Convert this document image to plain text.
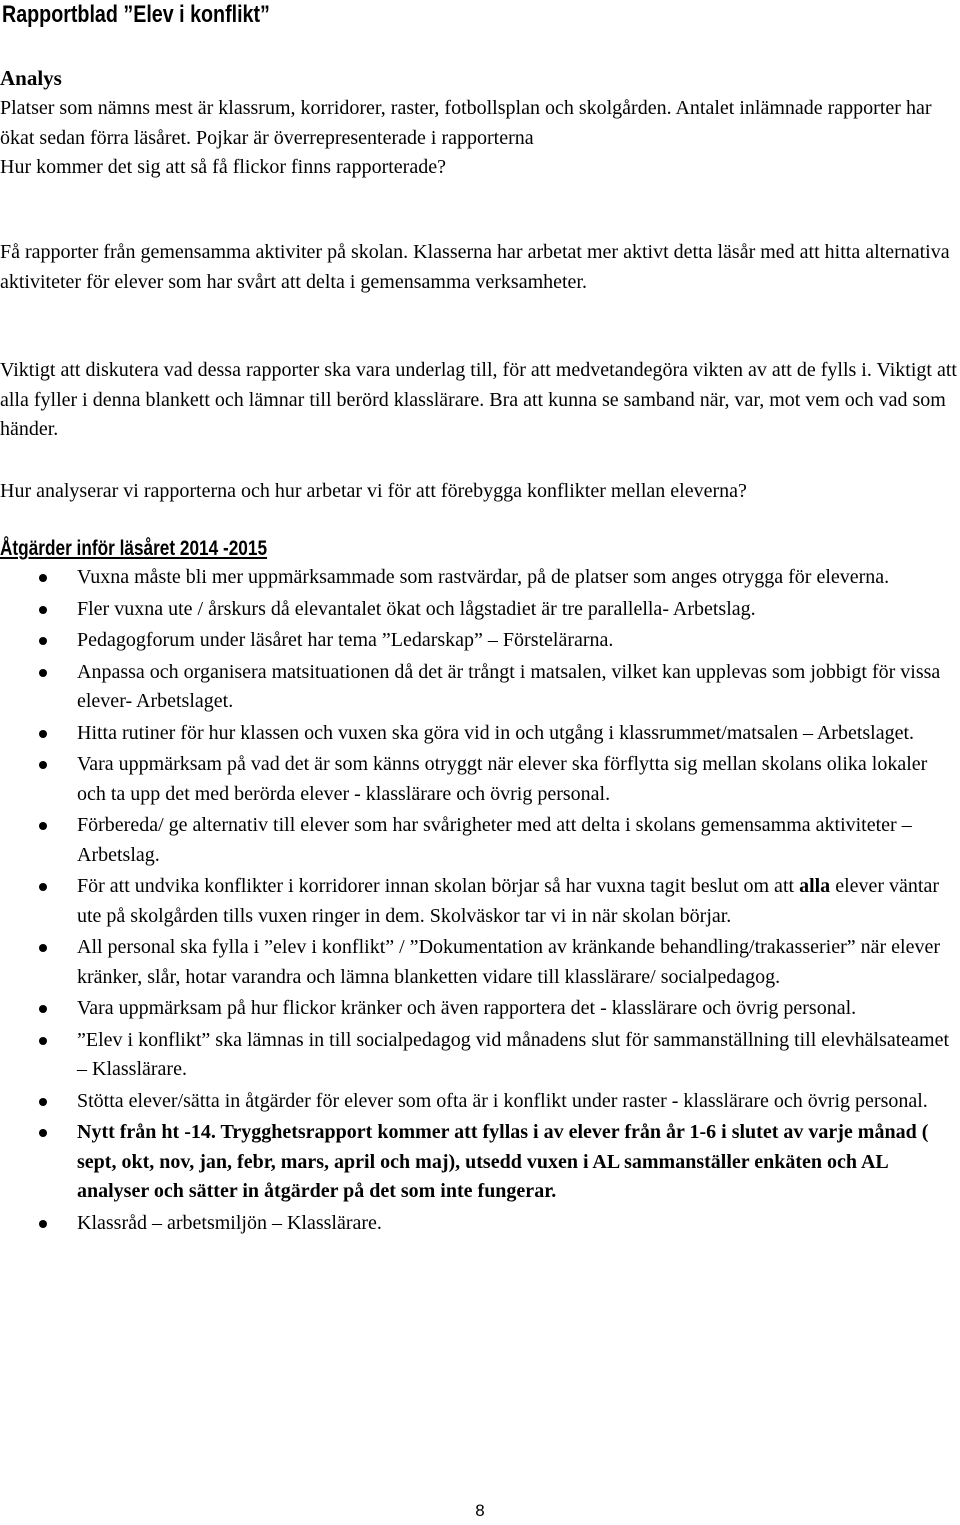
Rapportblad ”Elev i konflikt”
Analys
Platser som nämns mest är klassrum, korridorer, raster, fotbollsplan och skolgården. Antalet inlämnade rapporter har ökat sedan förra läsåret. Pojkar är överrepresenterade i rapporterna
Hur kommer det sig att så få flickor finns rapporterade?
Få rapporter från gemensamma aktiviter på skolan. Klasserna har arbetat mer aktivt detta läsår med att hitta alternativa aktiviteter för elever som har svårt att delta i gemensamma verksamheter.
Viktigt att diskutera vad dessa rapporter ska vara underlag till, för att medvetandegöra vikten av att de fylls i. Viktigt att alla fyller i denna blankett och lämnar till berörd klasslärare. Bra att kunna se samband när, var, mot vem och vad som händer.
Hur analyserar vi rapporterna och hur arbetar vi för att förebygga konflikter mellan eleverna?
Åtgärder inför läsåret 2014 -2015
Vuxna måste bli mer uppmärksammade som rastvärdar, på de platser som anges otrygga för eleverna.
Fler vuxna ute / årskurs då elevantalet ökat och lågstadiet är tre parallella- Arbetslag.
Pedagogforum under läsåret har tema ”Ledarskap” – Förstelärarna.
Anpassa och organisera matsituationen då det är trångt i matsalen, vilket kan upplevas som jobbigt för vissa elever- Arbetslaget.
Hitta rutiner för hur klassen och vuxen ska göra vid in och utgång i klassrummet/matsalen – Arbetslaget.
Vara uppmärksam på vad det är som känns otryggt när elever ska förflytta sig mellan skolans olika lokaler och ta upp det med berörda elever - klasslärare och övrig personal.
Förbereda/ ge alternativ till elever som har svårigheter med att delta i skolans gemensamma aktiviteter – Arbetslag.
För att undvika konflikter i korridorer innan skolan börjar så har vuxna tagit beslut om att alla elever väntar ute på skolgården tills vuxen ringer in dem. Skolväskor tar vi in när skolan börjar.
All personal ska fylla i ”elev i konflikt” / ”Dokumentation av kränkande behandling/trakasserier” när elever kränker, slår, hotar varandra och lämna blanketten vidare till klasslärare/ socialpedagog.
Vara uppmärksam på hur flickor kränker och även rapportera det - klasslärare och övrig personal.
”Elev i konflikt” ska lämnas in till socialpedagog vid månadens slut för sammanställning till elevhälsateamet – Klasslärare.
Stötta elever/sätta in åtgärder för elever som ofta är i konflikt under raster - klasslärare och övrig personal.
Nytt från ht -14. Trygghetsrapport kommer att fyllas i av elever från år 1-6 i slutet av varje månad ( sept, okt, nov, jan, febr, mars, april och maj), utsedd vuxen i AL sammanställer enkäten och AL analyser och sätter in åtgärder på det som inte fungerar.
Klassråd – arbetsmiljön – Klasslärare.
8
